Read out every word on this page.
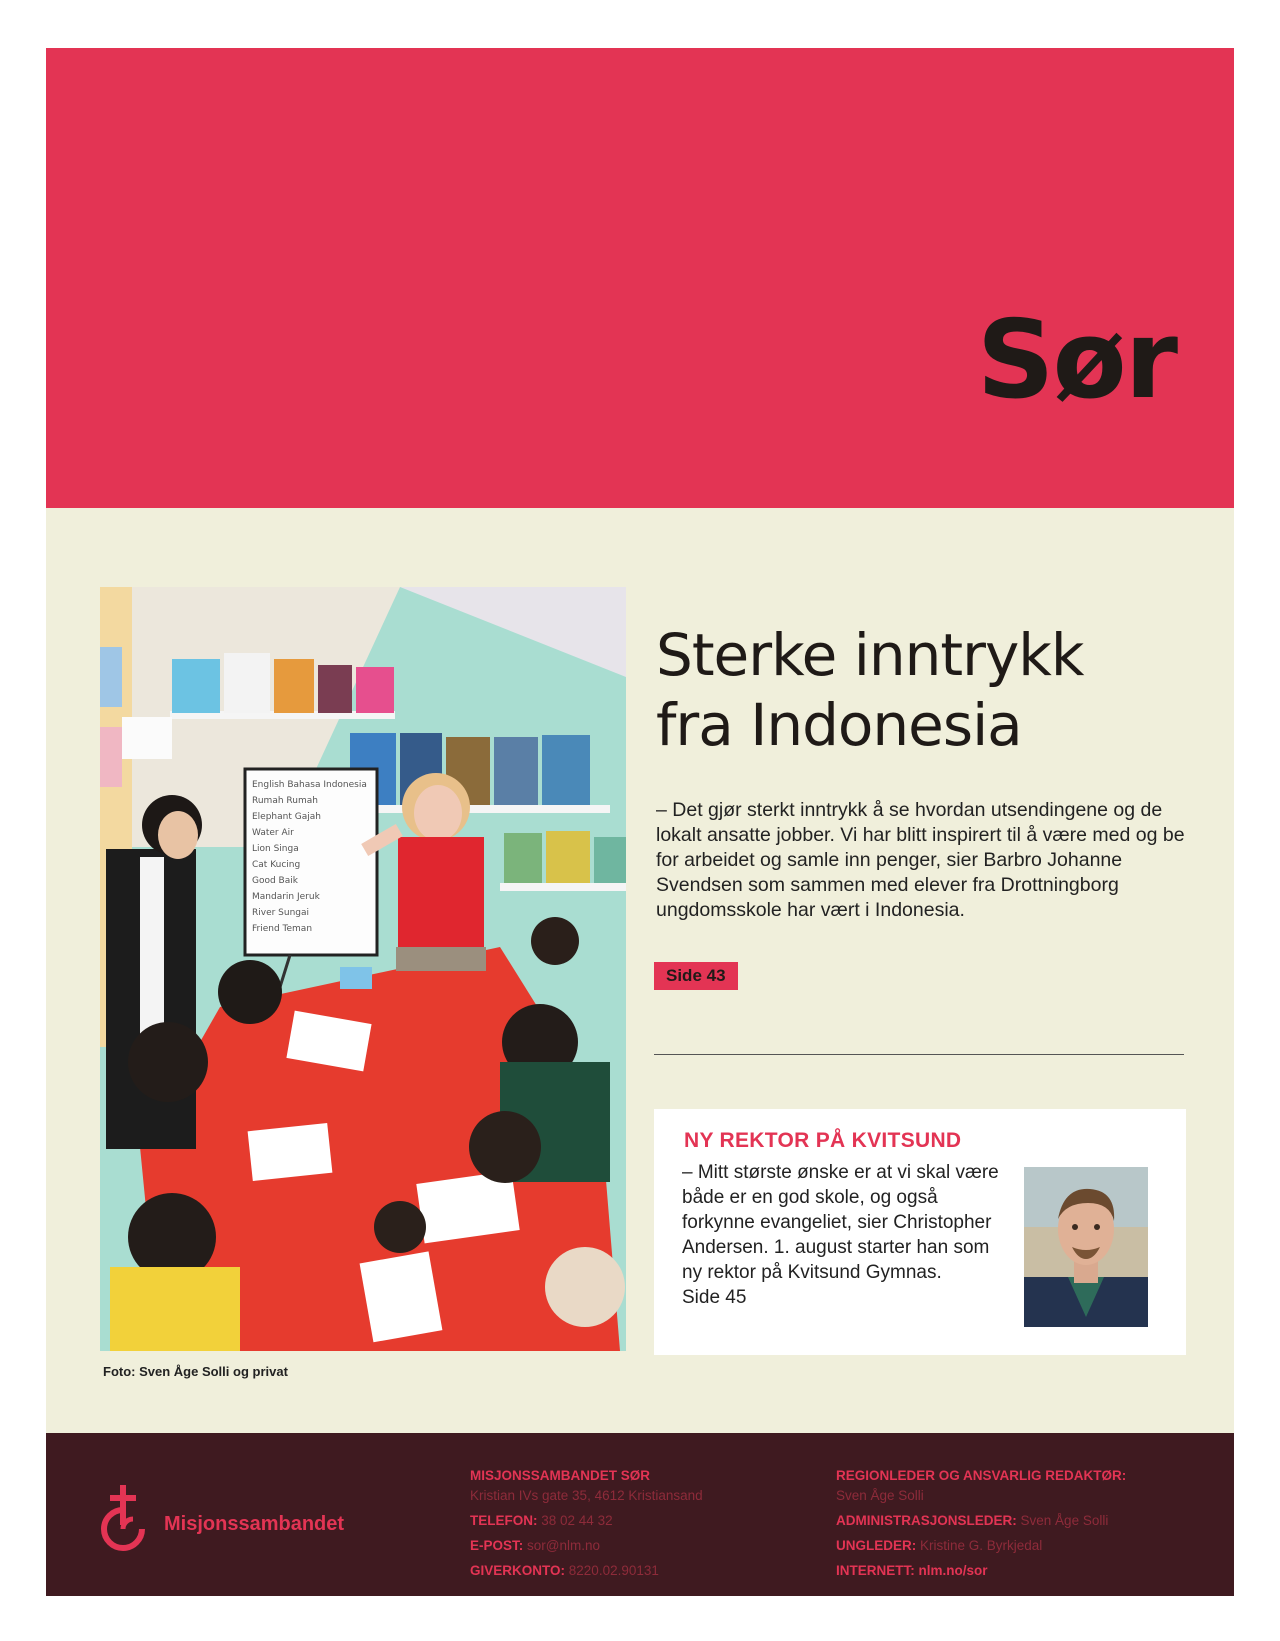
Sør
English Bahasa Indonesia
Rumah Rumah
Elephant Gajah
Water Air
Lion Singa
Cat Kucing
Good Baik
Mandarin Jeruk
River Sungai
Friend Teman
Foto: Sven Åge Solli og privat
Sterke inntrykk
fra Indonesia

– Det gjør sterkt inntrykk å se hvordan utsendingene og de lokalt ansatte jobber. Vi har blitt inspirert til å være med og be for arbeidet og samle inn penger, sier Barbro Johanne Svendsen som sammen med elever fra Drottningborg ungdomsskole har vært i Indonesia.

Side 43
NY REKTOR PÅ KVITSUND
– Mitt største ønske er at vi skal være både er en god skole, og også forkynne evangeliet, sier Christopher Andersen. 1. august starter han som ny rektor på Kvitsund Gymnas.
Side 45
Misjonssambandet
MISJONSSAMBANDET SØR
Kristian IVs gate 35, 4612 Kristiansand
TELEFON: 38 02 44 32
E-POST: sor@nlm.no
GIVERKONTO: 8220.02.90131
REGIONLEDER OG ANSVARLIG REDAKTØR:
Sven Åge Solli
ADMINISTRASJONSLEDER: Sven Åge Solli
UNGLEDER: Kristine G. Byrkjedal
INTERNETT: nlm.no/sor
